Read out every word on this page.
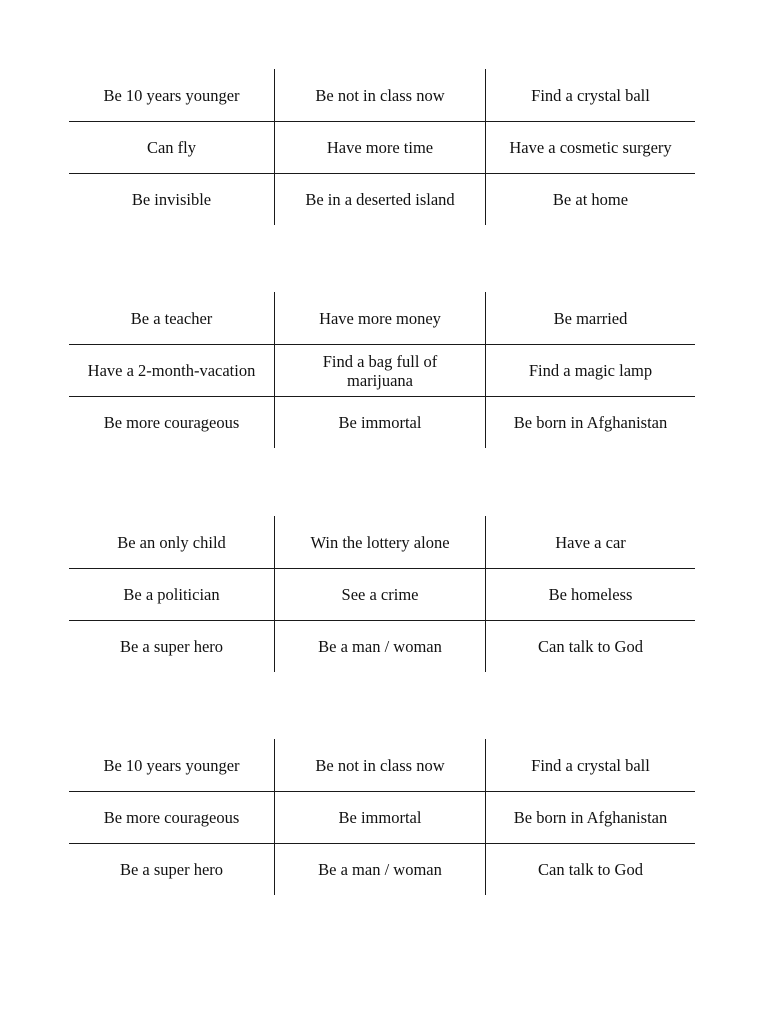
Be 10 years younger	Be not in class now	Find a crystal ball
Can fly	Have more time	Have a cosmetic surgery
Be invisible	Be in a deserted island	Be at home
Be a teacher	Have more money	Be married
Have a 2-month-vacation	Find a bag full of marijuana	Find a magic lamp
Be more courageous	Be immortal	Be born in Afghanistan
Be an only child	Win the lottery alone	Have a car
Be a politician	See a crime	Be homeless
Be a super hero	Be a man / woman	Can talk to God
Be 10 years younger	Be not in class now	Find a crystal ball
Be more courageous	Be immortal	Be born in Afghanistan
Be a super hero	Be a man / woman	Can talk to God
